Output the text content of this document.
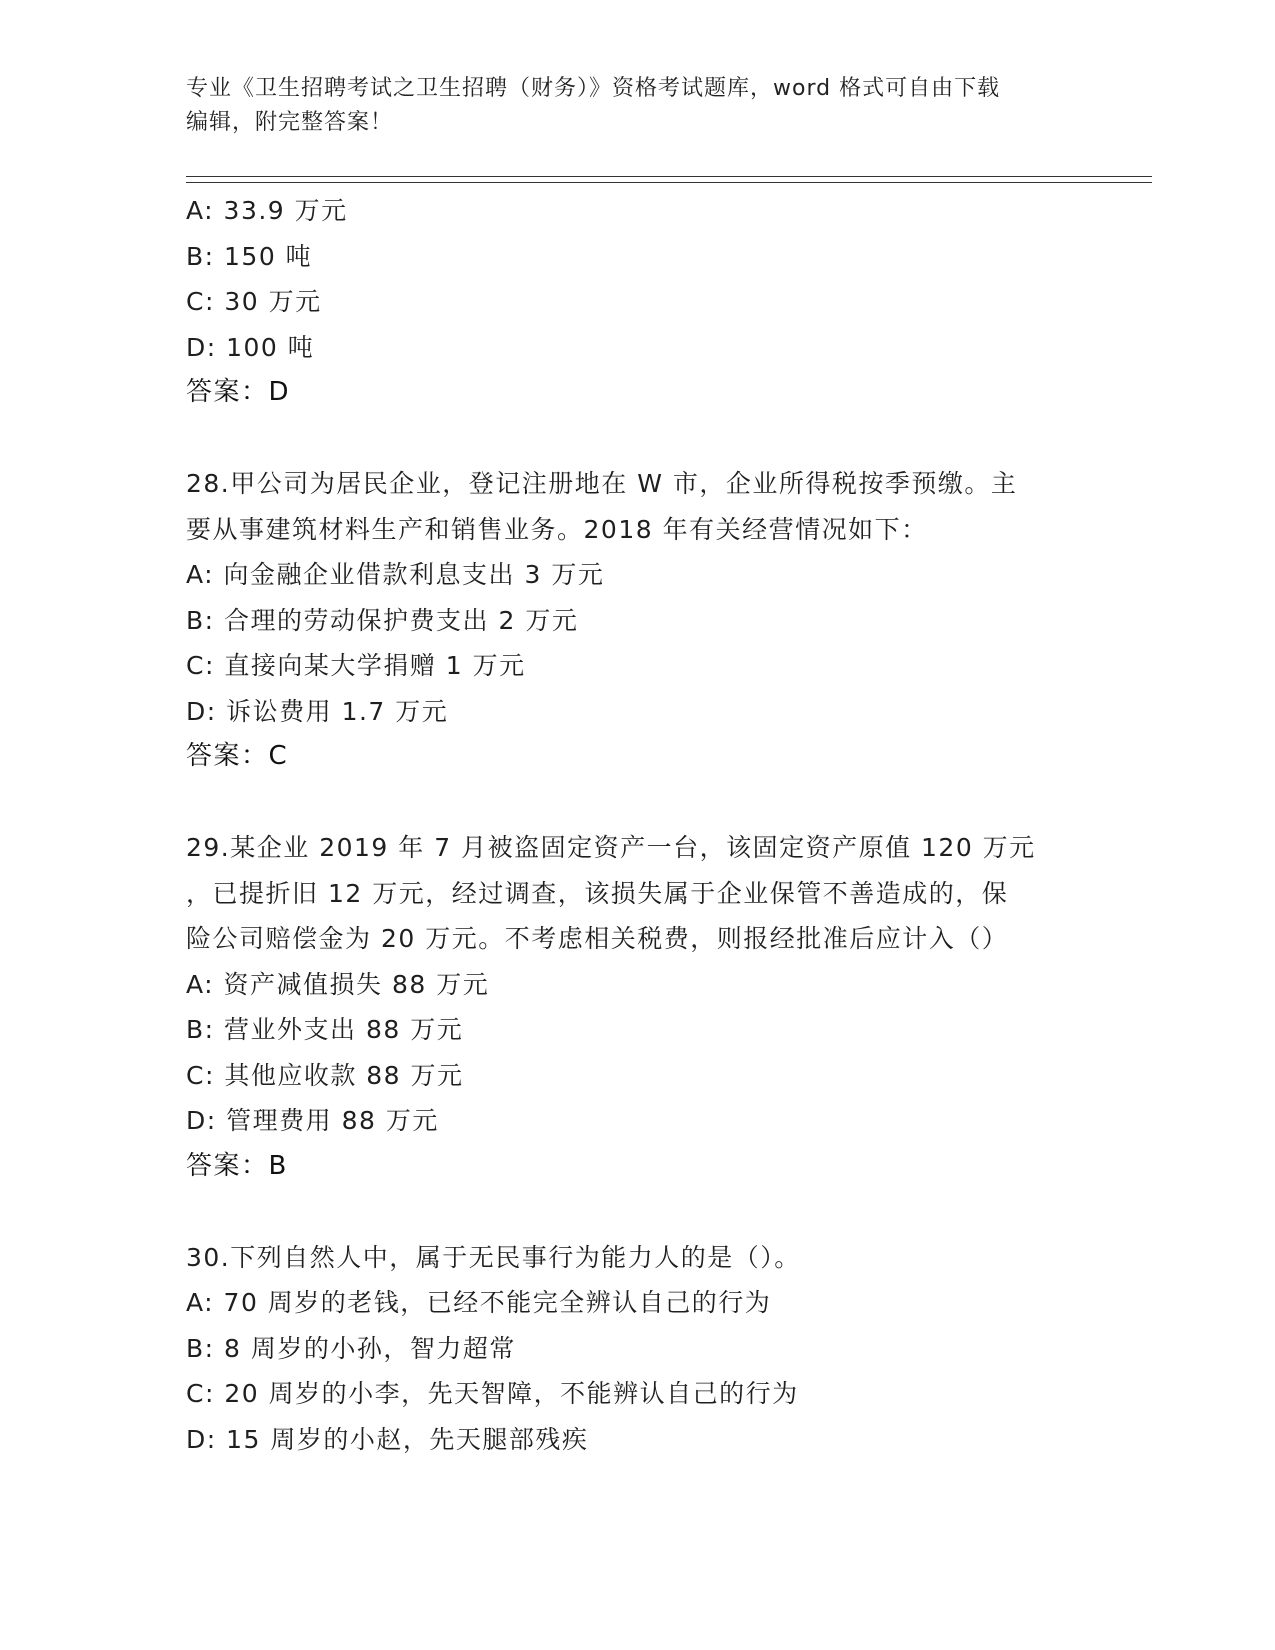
专业《卫生招聘考试之卫生招聘（财务）》资格考试题库，word 格式可自由下载
编辑，附完整答案！
A: 33.9 万元
B: 150 吨
C: 30 万元
D: 100 吨
答案：D
28.甲公司为居民企业，登记注册地在 W 市，企业所得税按季预缴。主
要从事建筑材料生产和销售业务。2018 年有关经营情况如下：
A: 向金融企业借款利息支出 3 万元
B: 合理的劳动保护费支出 2 万元
C: 直接向某大学捐赠 1 万元
D: 诉讼费用 1.7 万元
答案：C
29.某企业 2019 年 7 月被盗固定资产一台，该固定资产原值 120 万元
，已提折旧 12 万元，经过调查，该损失属于企业保管不善造成的，保
险公司赔偿金为 20 万元。不考虑相关税费，则报经批准后应计入（）
A: 资产减值损失 88 万元
B: 营业外支出 88 万元
C: 其他应收款 88 万元
D: 管理费用 88 万元
答案：B
30.下列自然人中，属于无民事行为能力人的是（）。
A: 70 周岁的老钱，已经不能完全辨认自己的行为
B: 8 周岁的小孙，智力超常
C: 20 周岁的小李，先天智障，不能辨认自己的行为
D: 15 周岁的小赵，先天腿部残疾
